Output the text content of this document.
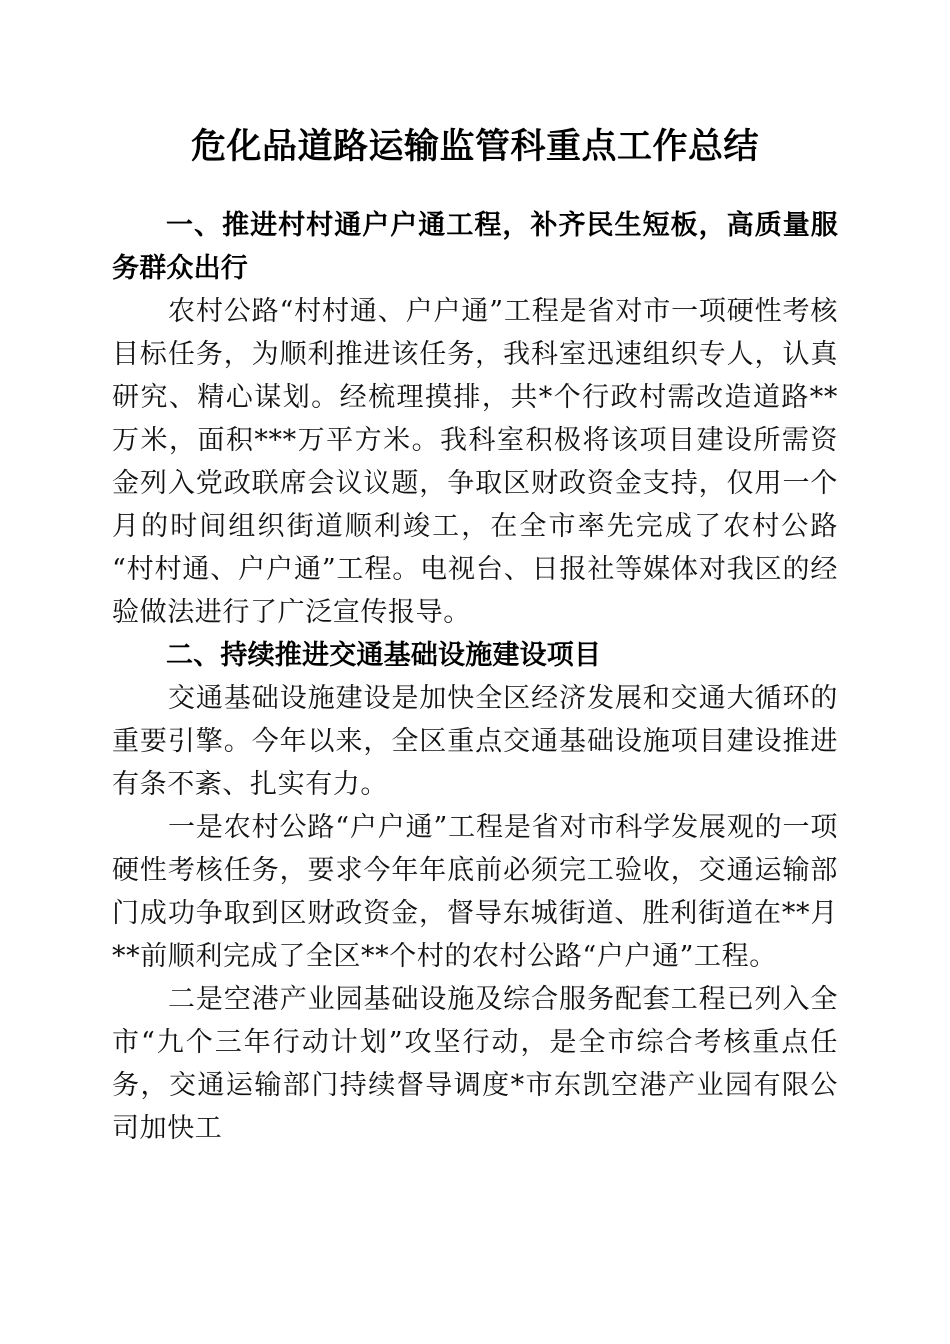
危化品道路运输监管科重点工作总结
一、推进村村通户户通工程，补齐民生短板，高质量服务群众出行

农村公路“村村通、户户通”工程是省对市一项硬性考核目标任务，为顺利推进该任务，我科室迅速组织专人，认真研究、精心谋划。经梳理摸排，共*个行政村需改造道路**万米，面积***万平方米。我科室积极将该项目建设所需资金列入党政联席会议议题，争取区财政资金支持，仅用一个月的时间组织街道顺利竣工，在全市率先完成了农村公路“村村通、户户通”工程。电视台、日报社等媒体对我区的经验做法进行了广泛宣传报导。

二、持续推进交通基础设施建设项目

交通基础设施建设是加快全区经济发展和交通大循环的重要引擎。今年以来，全区重点交通基础设施项目建设推进有条不紊、扎实有力。

一是农村公路“户户通”工程是省对市科学发展观的一项硬性考核任务，要求今年年底前必须完工验收，交通运输部门成功争取到区财政资金，督导东城街道、胜利街道在**月**前顺利完成了全区**个村的农村公路“户户通”工程。

二是空港产业园基础设施及综合服务配套工程已列入全市“九个三年行动计划”攻坚行动，是全市综合考核重点任务，交通运输部门持续督导调度*市东凯空港产业园有限公司加快工
